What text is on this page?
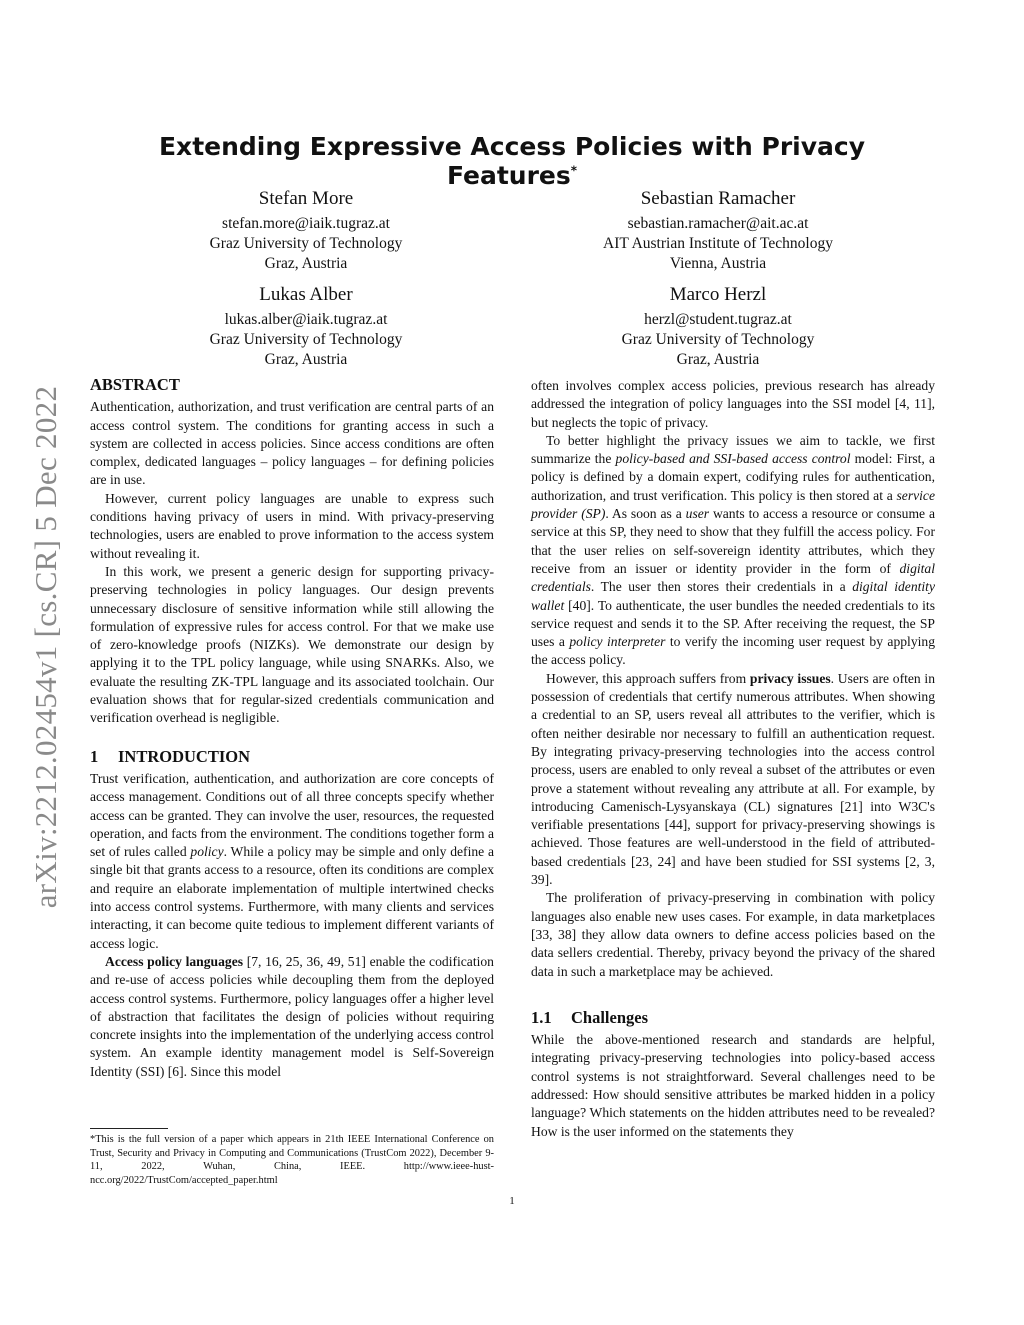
arXiv:2212.02454v1 [cs.CR] 5 Dec 2022
Extending Expressive Access Policies with Privacy Features*
Stefan More
stefan.more@iaik.tugraz.at
Graz University of Technology
Graz, Austria
Sebastian Ramacher
sebastian.ramacher@ait.ac.at
AIT Austrian Institute of Technology
Vienna, Austria
Lukas Alber
lukas.alber@iaik.tugraz.at
Graz University of Technology
Graz, Austria
Marco Herzl
herzl@student.tugraz.at
Graz University of Technology
Graz, Austria
ABSTRACT

Authentication, authorization, and trust verification are central parts of an access control system. The conditions for granting access in such a system are collected in access policies. Since access conditions are often complex, dedicated languages – policy languages – for defining policies are in use.

However, current policy languages are unable to express such conditions having privacy of users in mind. With privacy-preserving technologies, users are enabled to prove information to the access system without revealing it.

In this work, we present a generic design for supporting privacy-preserving technologies in policy languages. Our design prevents unnecessary disclosure of sensitive information while still allowing the formulation of expressive rules for access control. For that we make use of zero-knowledge proofs (NIZKs). We demonstrate our design by applying it to the TPL policy language, while using SNARKs. Also, we evaluate the resulting ZK-TPL language and its associated toolchain. Our evaluation shows that for regular-sized credentials communication and verification overhead is negligible.

1 INTRODUCTION

Trust verification, authentication, and authorization are core concepts of access management. Conditions out of all three concepts specify whether access can be granted. They can involve the user, resources, the requested operation, and facts from the environment. The conditions together form a set of rules called policy. While a policy may be simple and only define a single bit that grants access to a resource, often its conditions are complex and require an elaborate implementation of multiple intertwined checks into access control systems. Furthermore, with many clients and services interacting, it can become quite tedious to implement different variants of access logic.

Access policy languages [7, 16, 25, 36, 49, 51] enable the codification and re-use of access policies while decoupling them from the deployed access control systems. Furthermore, policy languages offer a higher level of abstraction that facilitates the design of policies without requiring concrete insights into the implementation of the underlying access control system. An example identity management model is Self-Sovereign Identity (SSI) [6]. Since this model

often involves complex access policies, previous research has already addressed the integration of policy languages into the SSI model [4, 11], but neglects the topic of privacy.

To better highlight the privacy issues we aim to tackle, we first summarize the policy-based and SSI-based access control model: First, a policy is defined by a domain expert, codifying rules for authentication, authorization, and trust verification. This policy is then stored at a service provider (SP). As soon as a user wants to access a resource or consume a service at this SP, they need to show that they fulfill the access policy. For that the user relies on self-sovereign identity attributes, which they receive from an issuer or identity provider in the form of digital credentials. The user then stores their credentials in a digital identity wallet [40]. To authenticate, the user bundles the needed credentials to its service request and sends it to the SP. After receiving the request, the SP uses a policy interpreter to verify the incoming user request by applying the access policy.

However, this approach suffers from privacy issues. Users are often in possession of credentials that certify numerous attributes. When showing a credential to an SP, users reveal all attributes to the verifier, which is often neither desirable nor necessary to fulfill an authentication request. By integrating privacy-preserving technologies into the access control process, users are enabled to only reveal a subset of the attributes or even prove a statement without revealing any attribute at all. For example, by introducing Camenisch-Lysyanskaya (CL) signatures [21] into W3C's verifiable presentations [44], support for privacy-preserving showings is achieved. Those features are well-understood in the field of attributed-based credentials [23, 24] and have been studied for SSI systems [2, 3, 39].

The proliferation of privacy-preserving in combination with policy languages also enable new uses cases. For example, in data marketplaces [33, 38] they allow data owners to define access policies based on the data sellers credential. Thereby, privacy beyond the privacy of the shared data in such a marketplace may be achieved.

1.1 Challenges

While the above-mentioned research and standards are helpful, integrating privacy-preserving technologies into policy-based access control systems is not straightforward. Several challenges need to be addressed: How should sensitive attributes be marked hidden in a policy language? Which statements on the hidden attributes need to be revealed? How is the user informed on the statements they

*This is the full version of a paper which appears in 21th IEEE International Conference on Trust, Security and Privacy in Computing and Communications (TrustCom 2022), December 9-11, 2022, Wuhan, China, IEEE. http://www.ieee-hust-ncc.org/2022/TrustCom/accepted_paper.html
1
